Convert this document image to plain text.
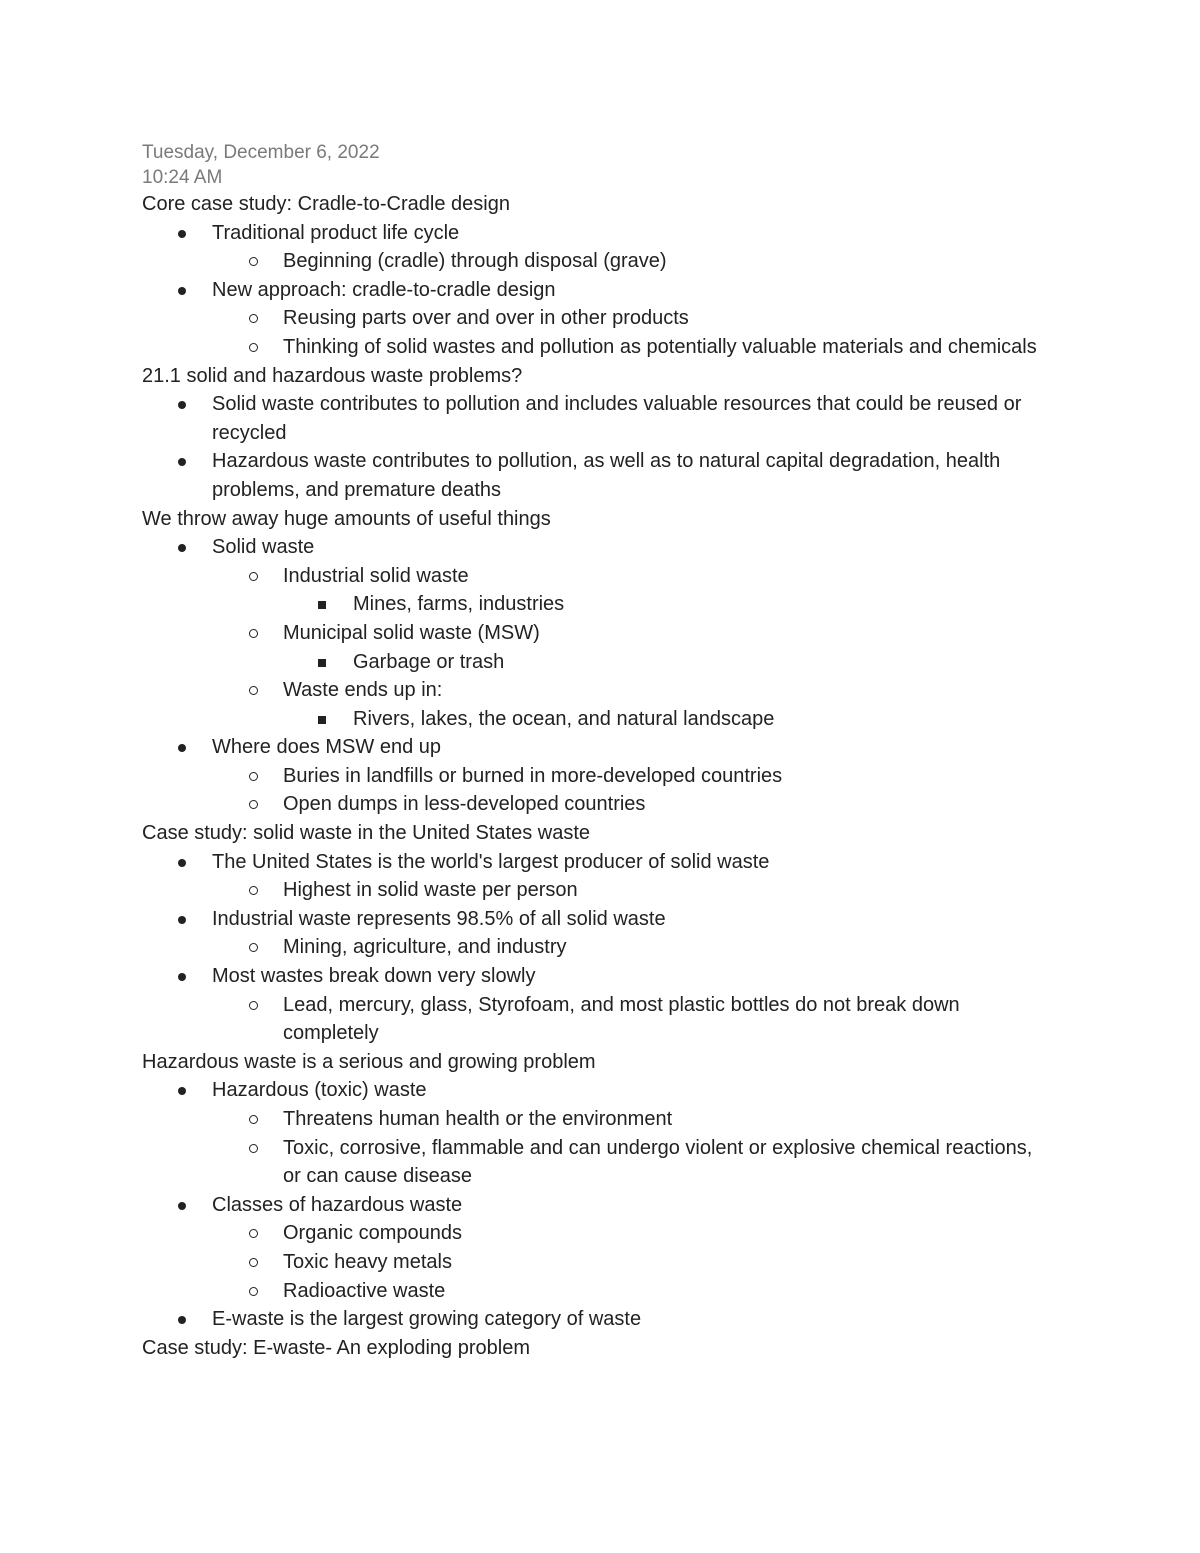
Tuesday, December 6, 2022
10:24 AM
Core case study: Cradle-to-Cradle design
Traditional product life cycle
Beginning (cradle) through disposal (grave)
New approach: cradle-to-cradle design
Reusing parts over and over in other products
Thinking of solid wastes and pollution as potentially valuable materials and chemicals
21.1 solid and hazardous waste problems?
Solid waste contributes to pollution and includes valuable resources that could be reused or recycled
Hazardous waste contributes to pollution, as well as to natural capital degradation, health problems, and premature deaths
We throw away huge amounts of useful things
Solid waste
Industrial solid waste
Mines, farms, industries
Municipal solid waste (MSW)
Garbage or trash
Waste ends up in:
Rivers, lakes, the ocean, and natural landscape
Where does MSW end up
Buries in landfills or burned in more-developed countries
Open dumps in less-developed countries
Case study: solid waste in the United States waste
The United States is the world's largest producer of solid waste
Highest in solid waste per person
Industrial waste represents 98.5% of all solid waste
Mining, agriculture, and industry
Most wastes break down very slowly
Lead, mercury, glass, Styrofoam, and most plastic bottles do not break down completely
Hazardous waste is a serious and growing problem
Hazardous (toxic) waste
Threatens human health or the environment
Toxic, corrosive, flammable and can undergo violent or explosive chemical reactions, or can cause disease
Classes of hazardous waste
Organic compounds
Toxic heavy metals
Radioactive waste
E-waste is the largest growing category of waste
Case study: E-waste- An exploding problem
